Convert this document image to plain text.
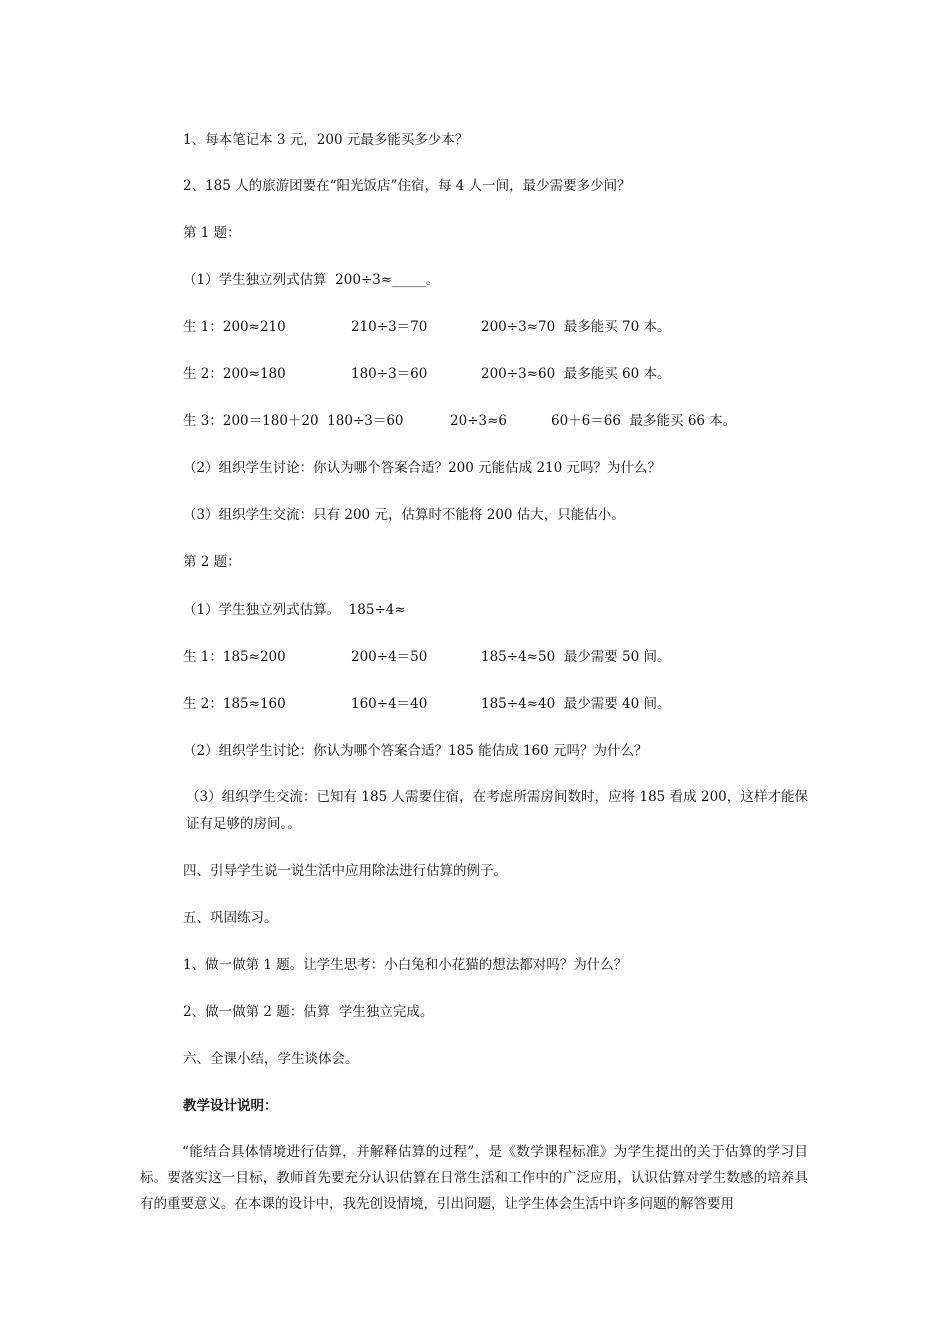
1、每本笔记本 3 元，200 元最多能买多少本？
2、185 人的旅游团要在“阳光饭店”住宿，每 4 人一间，最少需要多少间？
第 1 题：
（1）学生独立列式估算  200÷3≈_____。
生 1：200≈210	210÷3＝70	200÷3≈70  最多能买 70 本。
生 2：200≈180	180÷3＝60	200÷3≈60  最多能买 60 本。
生 3：200＝180＋20  180÷3＝60	20÷3≈6	60＋6＝66  最多能买 66 本。
（2）组织学生讨论：你认为哪个答案合适？200 元能估成 210 元吗？为什么？
（3）组织学生交流：只有 200 元，估算时不能将 200 估大，只能估小。
第 2 题：
（1）学生独立列式估算。  185÷4≈
生 1：185≈200	200÷4＝50	185÷4≈50  最少需要 50 间。
生 2：185≈160	160÷4＝40	185÷4≈40  最少需要 40 间。
（2）组织学生讨论：你认为哪个答案合适？185 能估成 160 元吗？为什么？
（3）组织学生交流：已知有 185 人需要住宿，在考虑所需房间数时，应将 185 看成 200，这样才能保证有足够的房间。。
四、引导学生说一说生活中应用除法进行估算的例子。
五、巩固练习。
1、做一做第 1 题。让学生思考：小白兔和小花猫的想法都对吗？为什么？
2、做一做第 2 题：估算  学生独立完成。
六、全课小结，学生谈体会。
教学设计说明：
“能结合具体情境进行估算，并解释估算的过程”，是《数学课程标准》为学生提出的关于估算的学习目标。要落实这一目标，教师首先要充分认识估算在日常生活和工作中的广泛应用，认识估算对学生数感的培养具有的重要意义。在本课的设计中，我先创设情境，引出问题，让学生体会生活中许多问题的解答要用
